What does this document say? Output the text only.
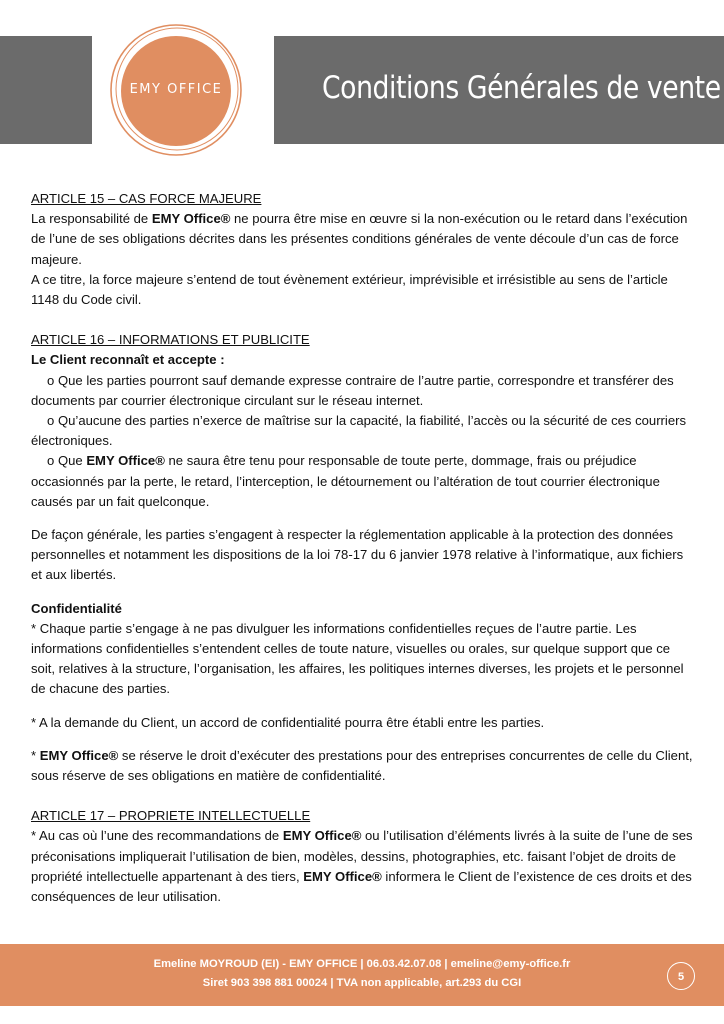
EMY OFFICE	Conditions Générales de vente

ARTICLE 15 – CAS FORCE MAJEURE

La responsabilité de EMY Office® ne pourra être mise en œuvre si la non-exécution ou le retard dans l’exécution de l’une de ses obligations décrites dans les présentes conditions générales de vente découle d’un cas de force majeure.

A ce titre, la force majeure s’entend de tout évènement extérieur, imprévisible et irrésistible au sens de l’article 1148 du Code civil.

ARTICLE 16 – INFORMATIONS ET PUBLICITE

Le Client reconnaît et accepte :

o Que les parties pourront sauf demande expresse contraire de l’autre partie, correspondre et transférer des documents par courrier électronique circulant sur le réseau internet.

o Qu’aucune des parties n’exerce de maîtrise sur la capacité, la fiabilité, l’accès ou la sécurité de ces courriers électroniques.

o Que EMY Office® ne saura être tenu pour responsable de toute perte, dommage, frais ou préjudice occasionnés par la perte, le retard, l’interception, le détournement ou l’altération de tout courrier électronique causés par un fait quelconque.

De façon générale, les parties s’engagent à respecter la réglementation applicable à la protection des données personnelles et notamment les dispositions de la loi 78-17 du 6 janvier 1978 relative à l’informatique, aux fichiers et aux libertés.

Confidentialité

* Chaque partie s’engage à ne pas divulguer les informations confidentielles reçues de l’autre partie. Les informations confidentielles s’entendent celles de toute nature, visuelles ou orales, sur quelque support que ce soit, relatives à la structure, l’organisation, les affaires, les politiques internes diverses, les projets et le personnel de chacune des parties.

* A la demande du Client, un accord de confidentialité pourra être établi entre les parties.

* EMY Office® se réserve le droit d’exécuter des prestations pour des entreprises concurrentes de celle du Client, sous réserve de ses obligations en matière de confidentialité.

ARTICLE 17 – PROPRIETE INTELLECTUELLE

* Au cas où l’une des recommandations de EMY Office® ou l’utilisation d’éléments livrés à la suite de l’une de ses préconisations impliquerait l’utilisation de bien, modèles, dessins, photographies, etc. faisant l’objet de droits de propriété intellectuelle appartenant à des tiers, EMY Office® informera le Client de l’existence de ces droits et des conséquences de leur utilisation.

Emeline MOYROUD (EI) - EMY OFFICE | 06.03.42.07.08 | emeline@emy-office.fr
Siret 903 398 881 00024 | TVA non applicable, art.293 du CGI	5
